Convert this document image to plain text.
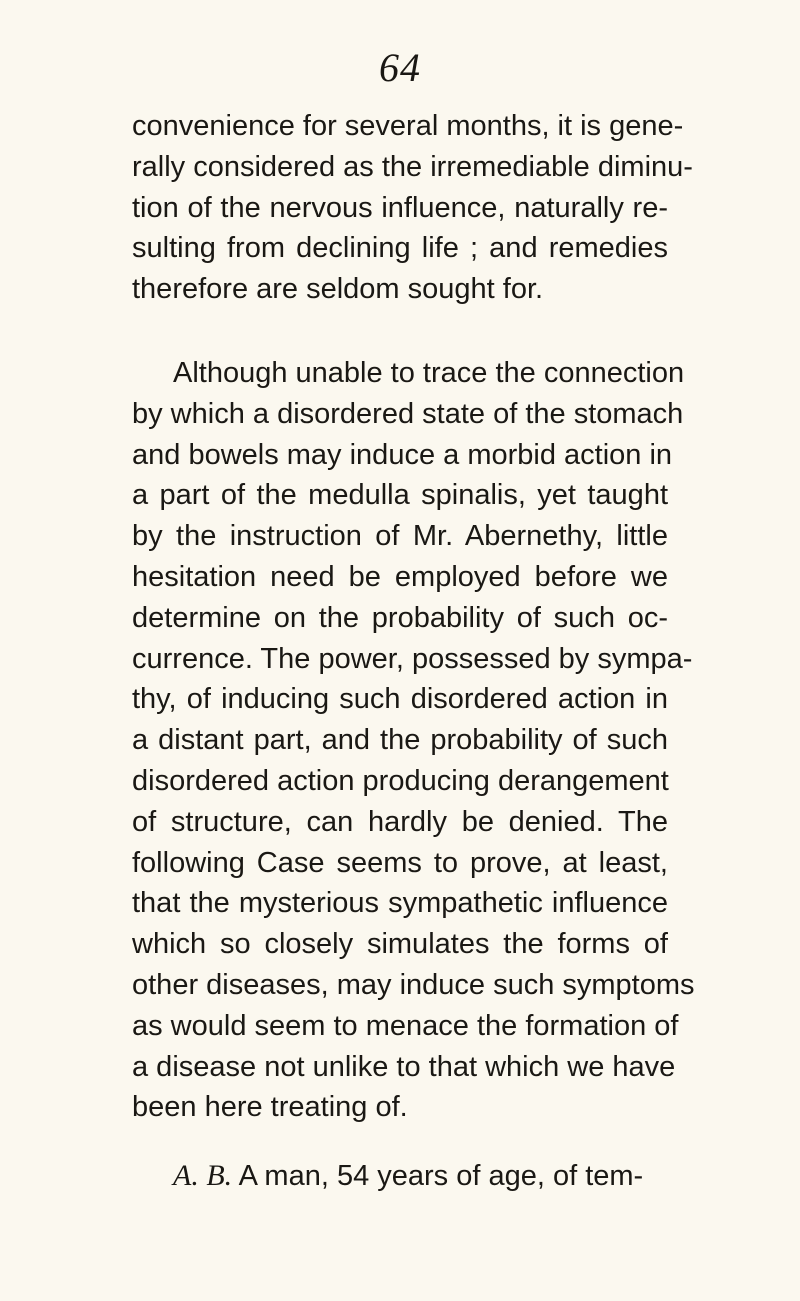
64
convenience for several months, it is gene-
rally considered as the irremediable diminu-
tion of the nervous influence, naturally re-
sulting from declining life ; and remedies
therefore are seldom sought for.
Although unable to trace the connection
by which a disordered state of the stomach
and bowels may induce a morbid action in
a part of the medulla spinalis, yet taught
by the instruction of Mr. Abernethy, little
hesitation need be employed before we
determine on the probability of such oc-
currence. The power, possessed by sympa-
thy, of inducing such disordered action in
a distant part, and the probability of such
disordered action producing derangement
of structure, can hardly be denied. The
following Case seems to prove, at least,
that the mysterious sympathetic influence
which so closely simulates the forms of
other diseases, may induce such symptoms
as would seem to menace the formation of
a disease not unlike to that which we have
been here treating of.
A. B. A man, 54 years of age, of tem-
